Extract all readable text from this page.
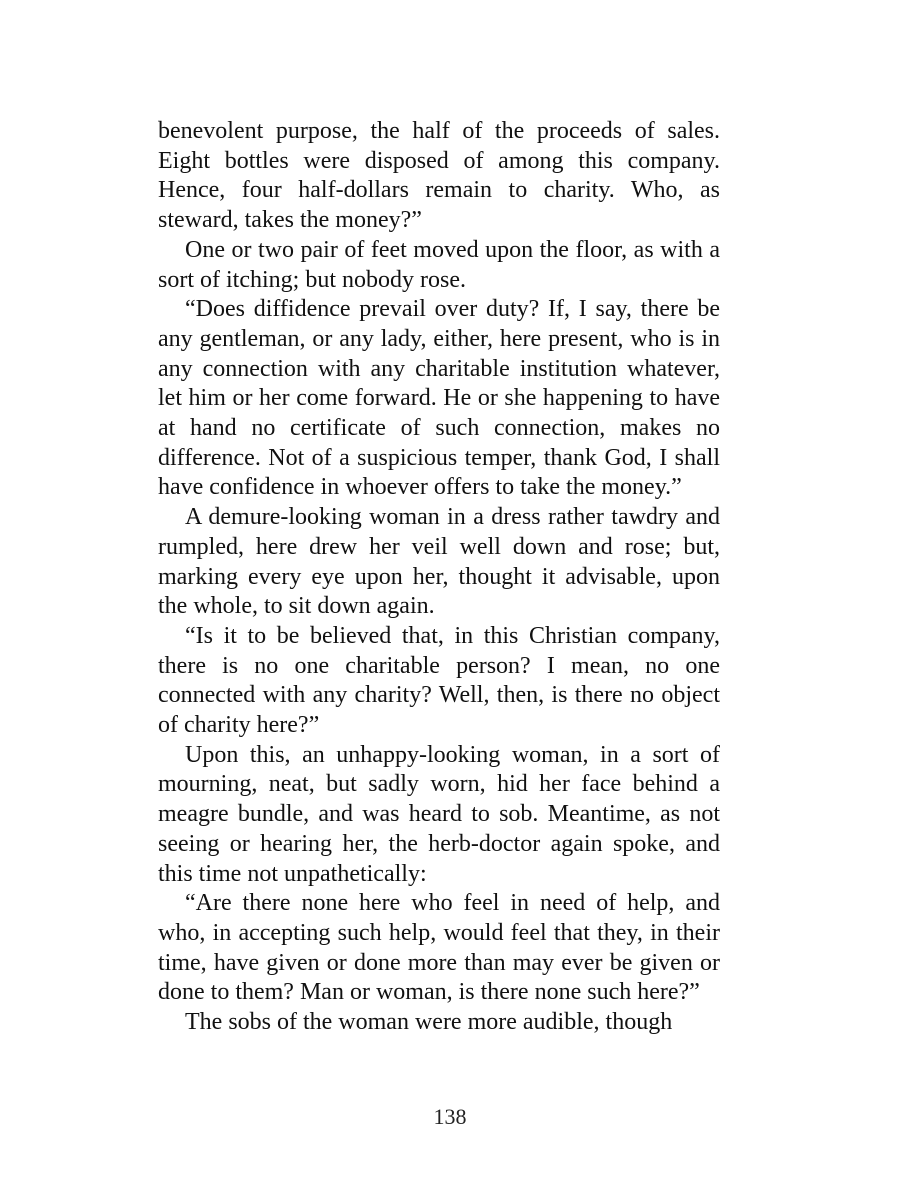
benevolent purpose, the half of the proceeds of sales. Eight bottles were disposed of among this company. Hence, four half-dollars remain to charity. Who, as steward, takes the money?”

One or two pair of feet moved upon the floor, as with a sort of itching; but nobody rose.

“Does diffidence prevail over duty? If, I say, there be any gentleman, or any lady, either, here present, who is in any connection with any charitable institution whatever, let him or her come forward. He or she happening to have at hand no certificate of such connection, makes no difference. Not of a suspicious temper, thank God, I shall have confidence in whoever offers to take the money.”

A demure-looking woman in a dress rather tawdry and rumpled, here drew her veil well down and rose; but, marking every eye upon her, thought it advisable, upon the whole, to sit down again.

“Is it to be believed that, in this Christian company, there is no one charitable person? I mean, no one connected with any charity? Well, then, is there no object of charity here?”

Upon this, an unhappy-looking woman, in a sort of mourning, neat, but sadly worn, hid her face behind a meagre bundle, and was heard to sob. Meantime, as not seeing or hearing her, the herb-doctor again spoke, and this time not unpathetically:

“Are there none here who feel in need of help, and who, in accepting such help, would feel that they, in their time, have given or done more than may ever be given or done to them? Man or woman, is there none such here?”

The sobs of the woman were more audible, though

138
